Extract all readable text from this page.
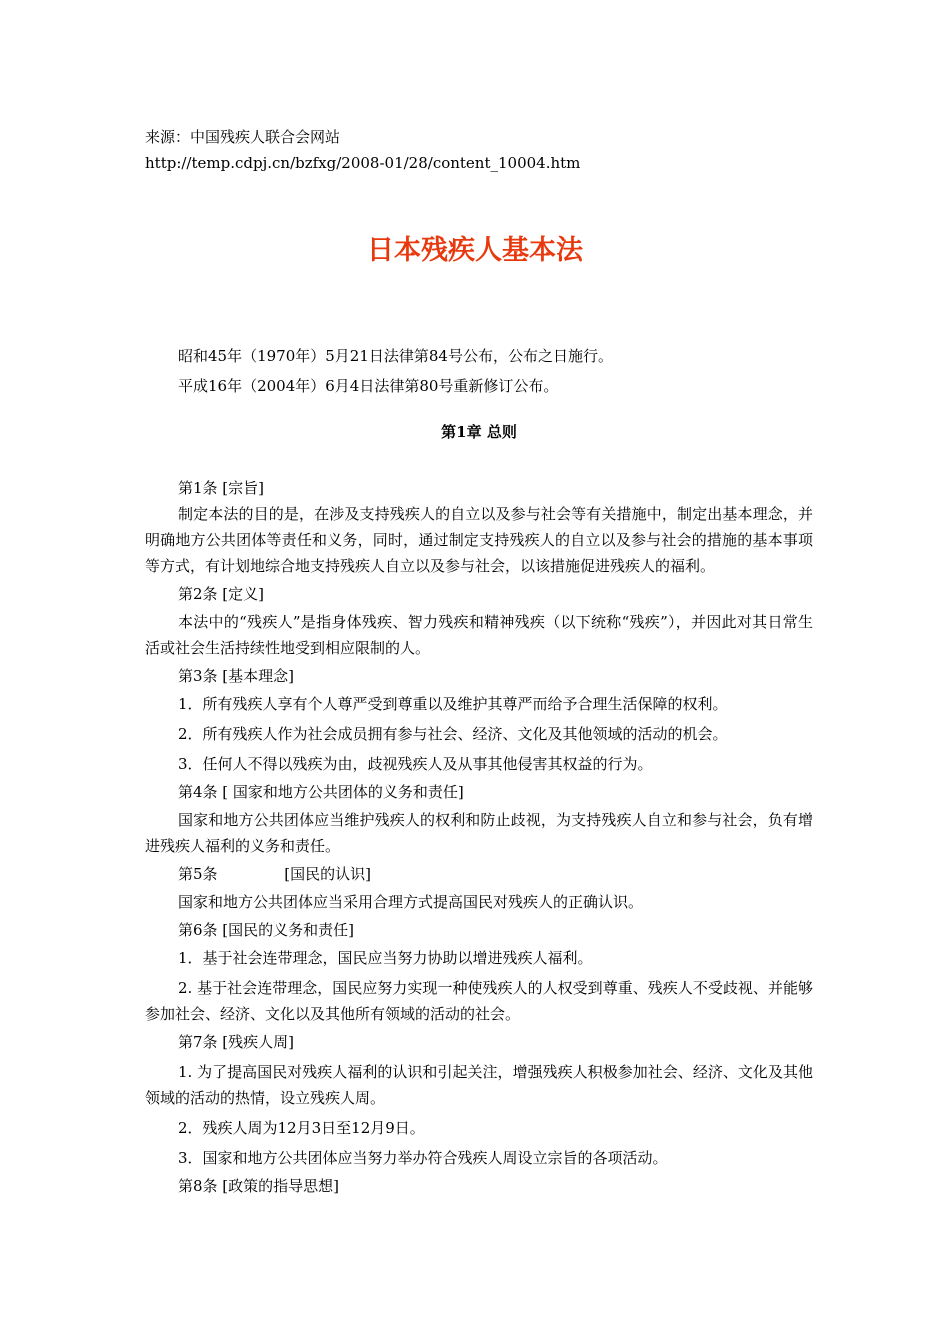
来源：中国残疾人联合会网站
http://temp.cdpj.cn/bzfxg/2008-01/28/content_10004.htm
日本残疾人基本法

昭和45年（1970年）5月21日法律第84号公布，公布之日施行。

平成16年（2004年）6月4日法律第80号重新修订公布。

第1章 总则

第1条 [宗旨]

制定本法的目的是，在涉及支持残疾人的自立以及参与社会等有关措施中，制定出基本理念，并明确地方公共团体等责任和义务，同时，通过制定支持残疾人的自立以及参与社会的措施的基本事项等方式，有计划地综合地支持残疾人自立以及参与社会，以该措施促进残疾人的福利。

第2条 [定义]

本法中的“残疾人”是指身体残疾、智力残疾和精神残疾（以下统称“残疾”），并因此对其日常生活或社会生活持续性地受到相应限制的人。

第3条 [基本理念]

1．所有残疾人享有个人尊严受到尊重以及维护其尊严而给予合理生活保障的权利。

2．所有残疾人作为社会成员拥有参与社会、经济、文化及其他领域的活动的机会。

3．任何人不得以残疾为由，歧视残疾人及从事其他侵害其权益的行为。

第4条 [ 国家和地方公共团体的义务和责任]

国家和地方公共团体应当维护残疾人的权利和防止歧视，为支持残疾人自立和参与社会，负有增进残疾人福利的义务和责任。

第5条              [国民的认识]

国家和地方公共团体应当采用合理方式提高国民对残疾人的正确认识。

第6条 [国民的义务和责任]

1．基于社会连带理念，国民应当努力协助以增进残疾人福利。

2. 基于社会连带理念，国民应努力实现一种使残疾人的人权受到尊重、残疾人不受歧视、并能够参加社会、经济、文化以及其他所有领域的活动的社会。

第7条 [残疾人周]

1. 为了提高国民对残疾人福利的认识和引起关注，增强残疾人积极参加社会、经济、文化及其他领域的活动的热情，设立残疾人周。

2．残疾人周为12月3日至12月9日。

3．国家和地方公共团体应当努力举办符合残疾人周设立宗旨的各项活动。

第8条 [政策的指导思想]
